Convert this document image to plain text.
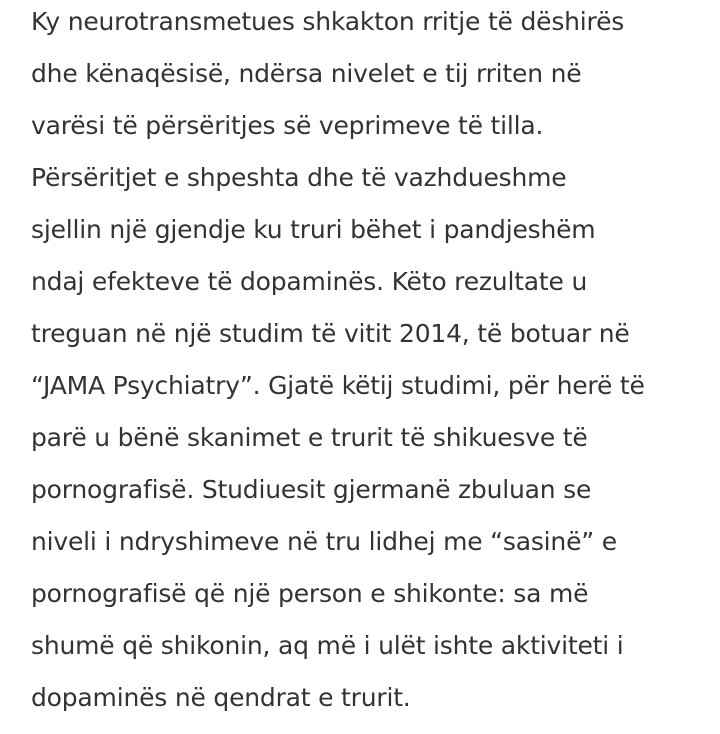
Ky neurotransmetues shkakton rritje të dëshirës
dhe kënaqësisë, ndërsa nivelet e tij rriten në
varësi të përsëritjes së veprimeve të tilla.
Përsëritjet e shpeshta dhe të vazhdueshme
sjellin një gjendje ku truri bëhet i pandjeshëm
ndaj efekteve të dopaminës. Këto rezultate u
treguan në një studim të vitit 2014, të botuar në
“JAMA Psychiatry”. Gjatë këtij studimi, për herë të
parë u bënë skanimet e trurit të shikuesve të
pornografisë. Studiuesit gjermanë zbuluan se
niveli i ndryshimeve në tru lidhej me “sasinë” e
pornografisë që një person e shikonte: sa më
shumë që shikonin, aq më i ulët ishte aktiviteti i
dopaminës në qendrat e trurit.
